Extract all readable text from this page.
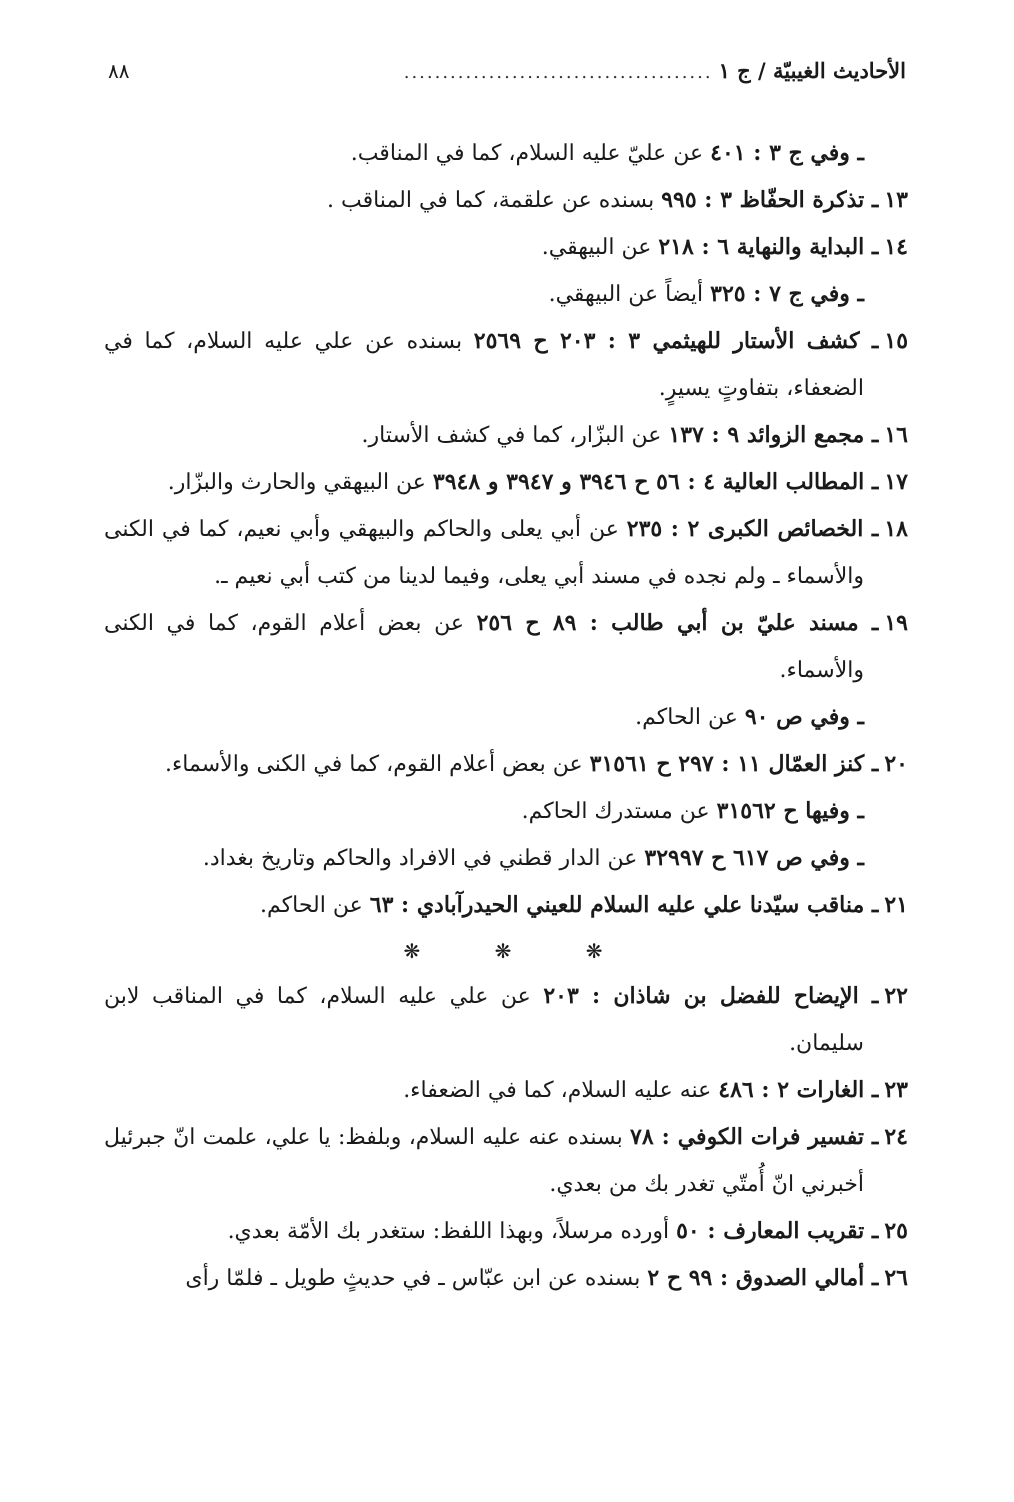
الأحاديث الغيبيّة / ج ١
........................................
٨٨

ـ وفي ج ٣ : ٤٠١ عن عليّ عليه السلام، كما في المناقب.

١٣ـ تذكرة الحفّاظ ٣ : ٩٩٥ بسنده عن علقمة، كما في المناقب .

١٤ـ البداية والنهاية ٦ : ٢١٨ عن البيهقي.

ـ وفي ج ٧ : ٣٢٥ أيضاً عن البيهقي.

١٥ـ كشف الأستار للهيثمي ٣ : ٢٠٣ ح ٢٥٦٩ بسنده عن علي عليه السلام، كما في الضعفاء، بتفاوتٍ يسيرٍ.

١٦ـ مجمع الزوائد ٩ : ١٣٧ عن البزّار، كما في كشف الأستار.

١٧ـ المطالب العالية ٤ : ٥٦ ح ٣٩٤٦ و ٣٩٤٧ و ٣٩٤٨ عن البيهقي والحارث والبزّار.

١٨ـ الخصائص الكبرى ٢ : ٢٣٥ عن أبي يعلى والحاكم والبيهقي وأبي نعيم، كما في الكنى والأسماء ـ ولم نجده في مسند أبي يعلى، وفيما لدينا من كتب أبي نعيم ـ.

١٩ـ مسند عليّ بن أبي طالب : ٨٩ ح ٢٥٦ عن بعض أعلام القوم، كما في الكنى والأسماء.

ـ وفي ص ٩٠ عن الحاكم.

٢٠ـ كنز العمّال ١١ : ٢٩٧ ح ٣١٥٦١ عن بعض أعلام القوم، كما في الكنى والأسماء.

ـ وفيها ح ٣١٥٦٢ عن مستدرك الحاكم.

ـ وفي ص ٦١٧ ح ٣٢٩٩٧ عن الدار قطني في الافراد والحاكم وتاريخ بغداد.

٢١ـ مناقب سيّدنا علي عليه السلام للعيني الحيدرآبادي : ٦٣ عن الحاكم.

❋ ❋ ❋

٢٢ـ الإيضاح للفضل بن شاذان : ٢٠٣ عن علي عليه السلام، كما في المناقب لابن سليمان.

٢٣ـ الغارات ٢ : ٤٨٦ عنه عليه السلام، كما في الضعفاء.

٢٤ـ تفسير فرات الكوفي : ٧٨ بسنده عنه عليه السلام، وبلفظ: يا علي، علمت انّ جبرئيل أخبرني انّ أُمتّي تغدر بك من بعدي.

٢٥ـ تقريب المعارف : ٥٠ أورده مرسلاً، وبهذا اللفظ: ستغدر بك الأمّة بعدي.

٢٦ـ أمالي الصدوق : ٩٩ ح ٢ بسنده عن ابن عبّاس ـ في حديثٍ طويل ـ فلمّا رأى
